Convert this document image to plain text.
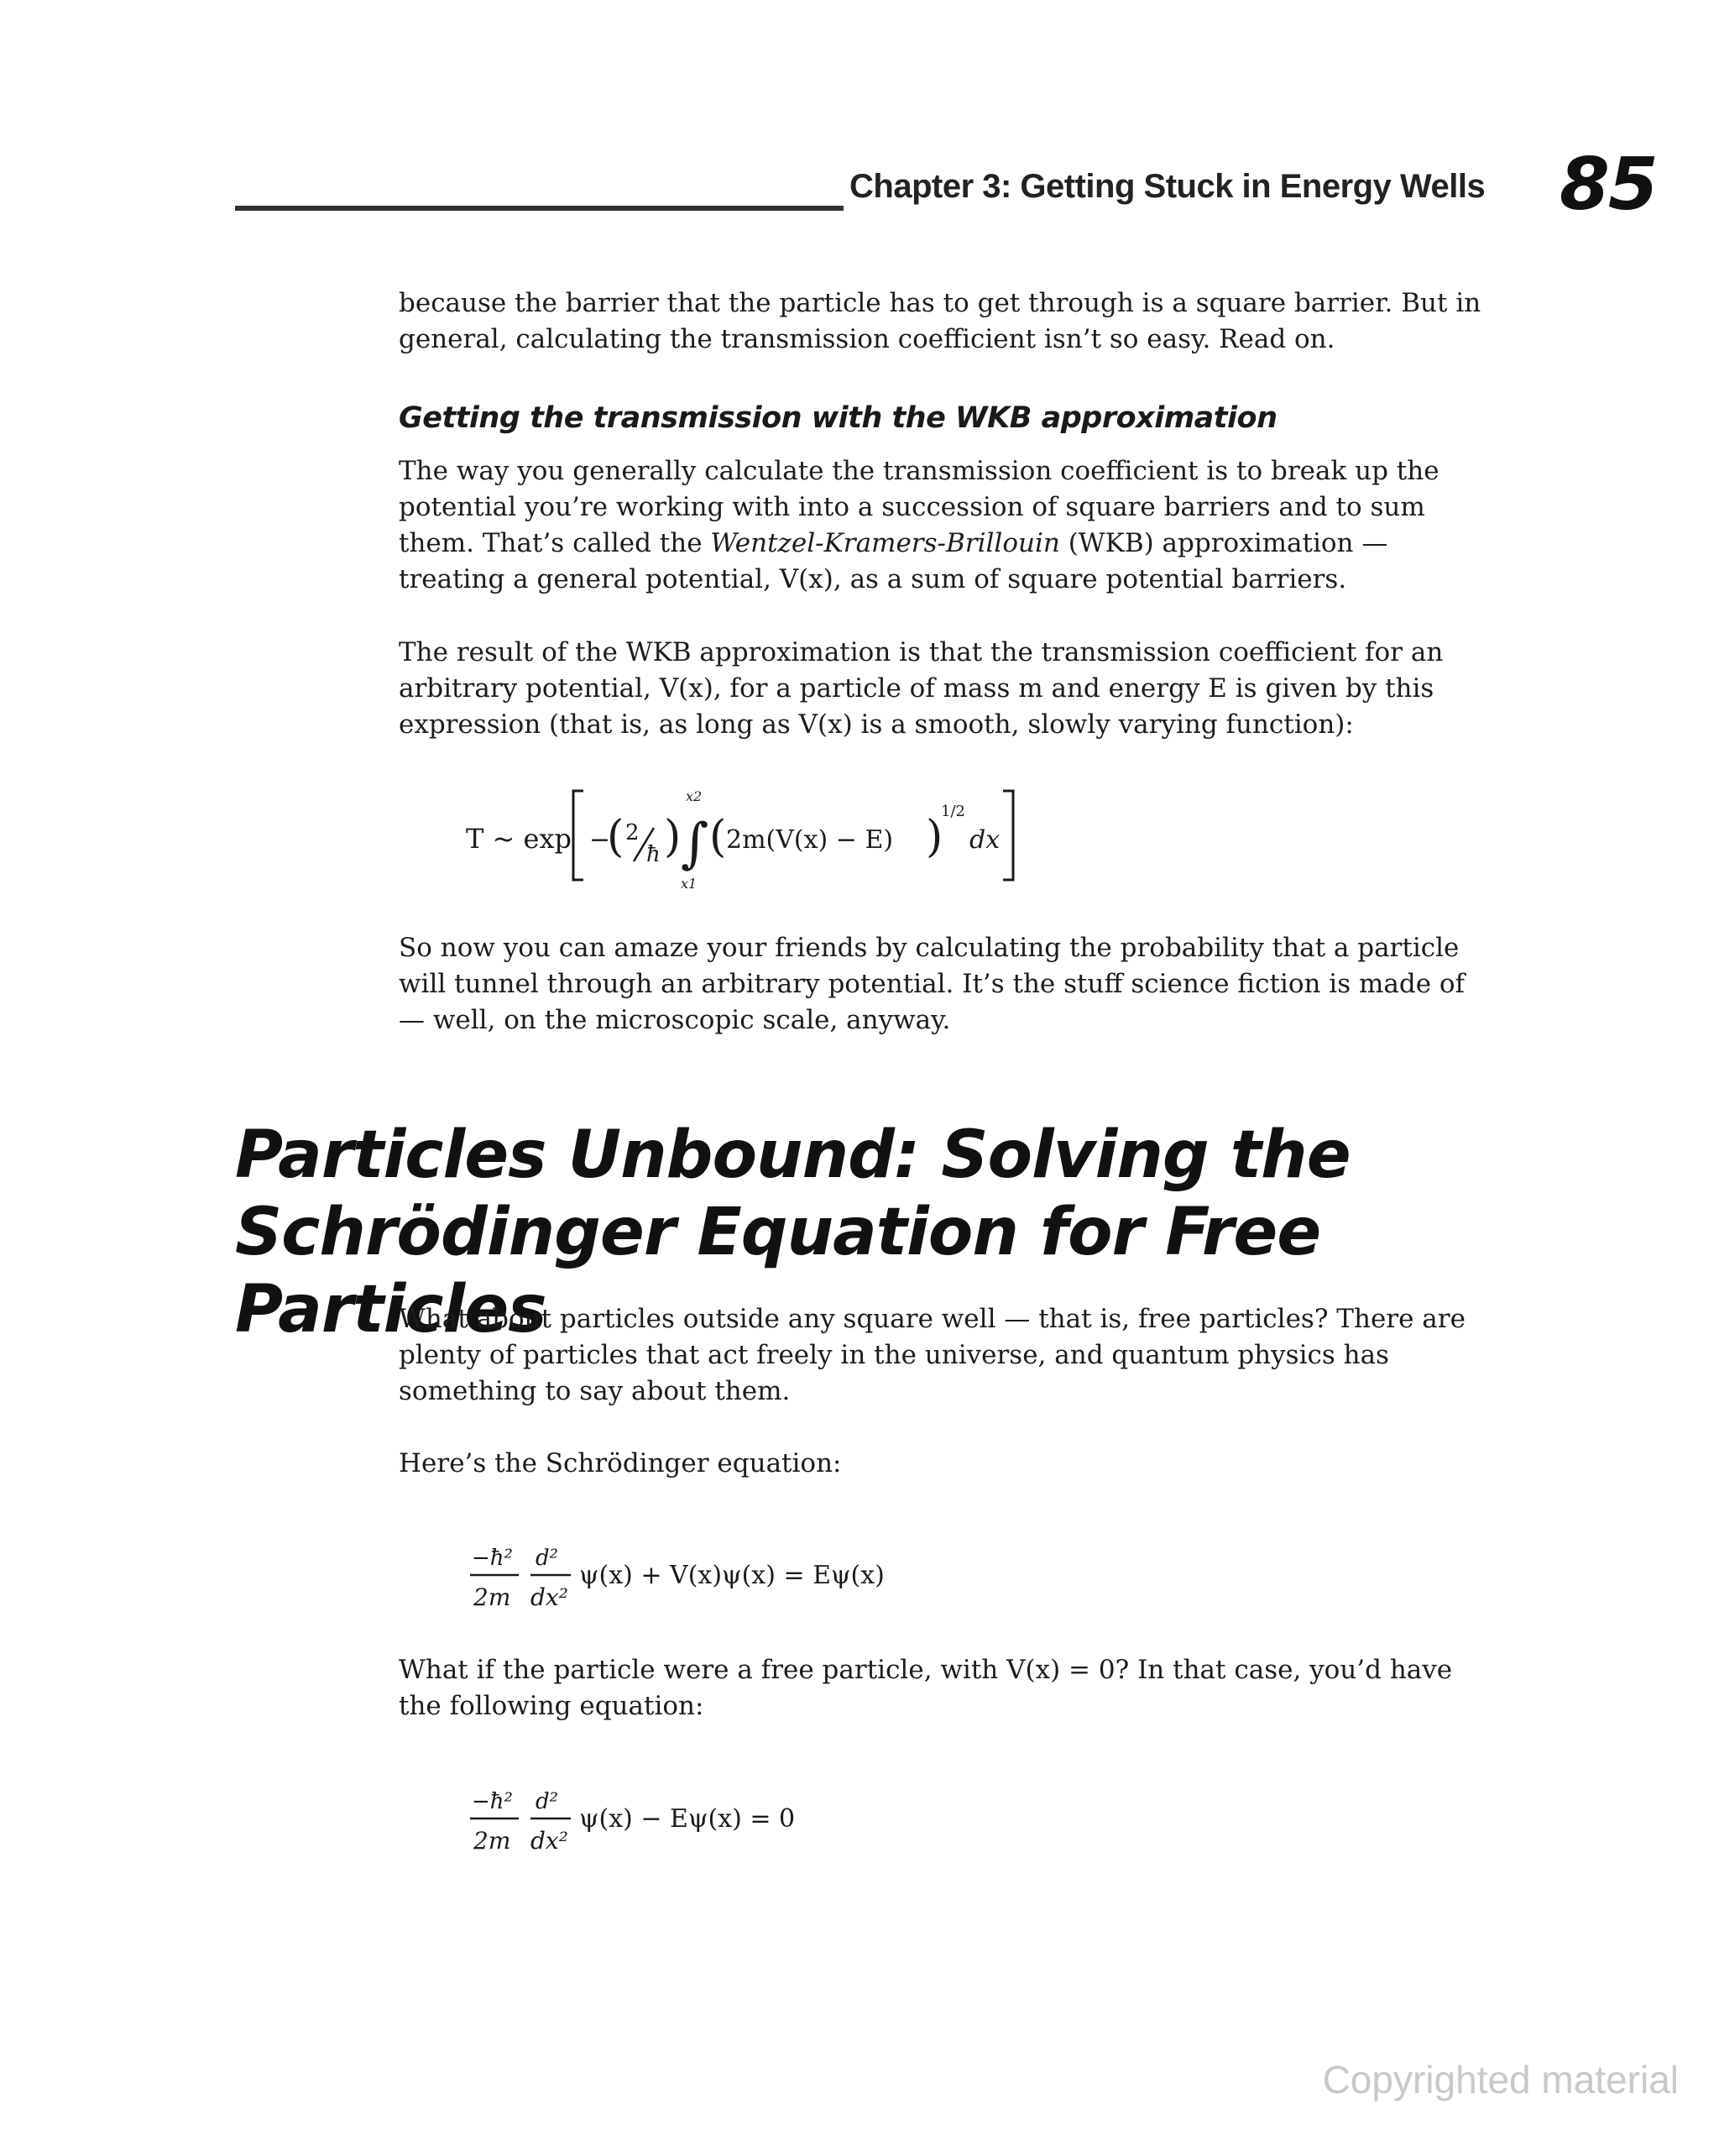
Chapter 3: Getting Stuck in Energy Wells 85
because the barrier that the particle has to get through is a square barrier. But in general, calculating the transmission coefficient isn’t so easy. Read on.
Getting the transmission with the WKB approximation
The way you generally calculate the transmission coefficient is to break up the potential you’re working with into a succession of square barriers and to sum them. That’s called the Wentzel-Kramers-Brillouin (WKB) approximation — treating a general potential, V(x), as a sum of square potential barriers.
The result of the WKB approximation is that the transmission coefficient for an arbitrary potential, V(x), for a particle of mass m and energy E is given by this expression (that is, as long as V(x) is a smooth, slowly varying function):
T ~ exp −
( 2
ħ ) ∫
x2
x1
( 2m(V(x) − E) )
1/2
dx
So now you can amaze your friends by calculating the probability that a particle will tunnel through an arbitrary potential. It’s the stuff science fiction is made of — well, on the microscopic scale, anyway.
Particles Unbound: Solving the
Schrödinger Equation for Free Particles
What about particles outside any square well — that is, free particles? There are plenty of particles that act freely in the universe, and quantum physics has something to say about them.
Here’s the Schrödinger equation:
−ħ²
2m
d²
dx²
ψ(x) + V(x)ψ(x) = Eψ(x)
What if the particle were a free particle, with V(x) = 0? In that case, you’d have the following equation:
−ħ²
2m
d²
dx²
ψ(x) − Eψ(x) = 0
Copyrighted material
